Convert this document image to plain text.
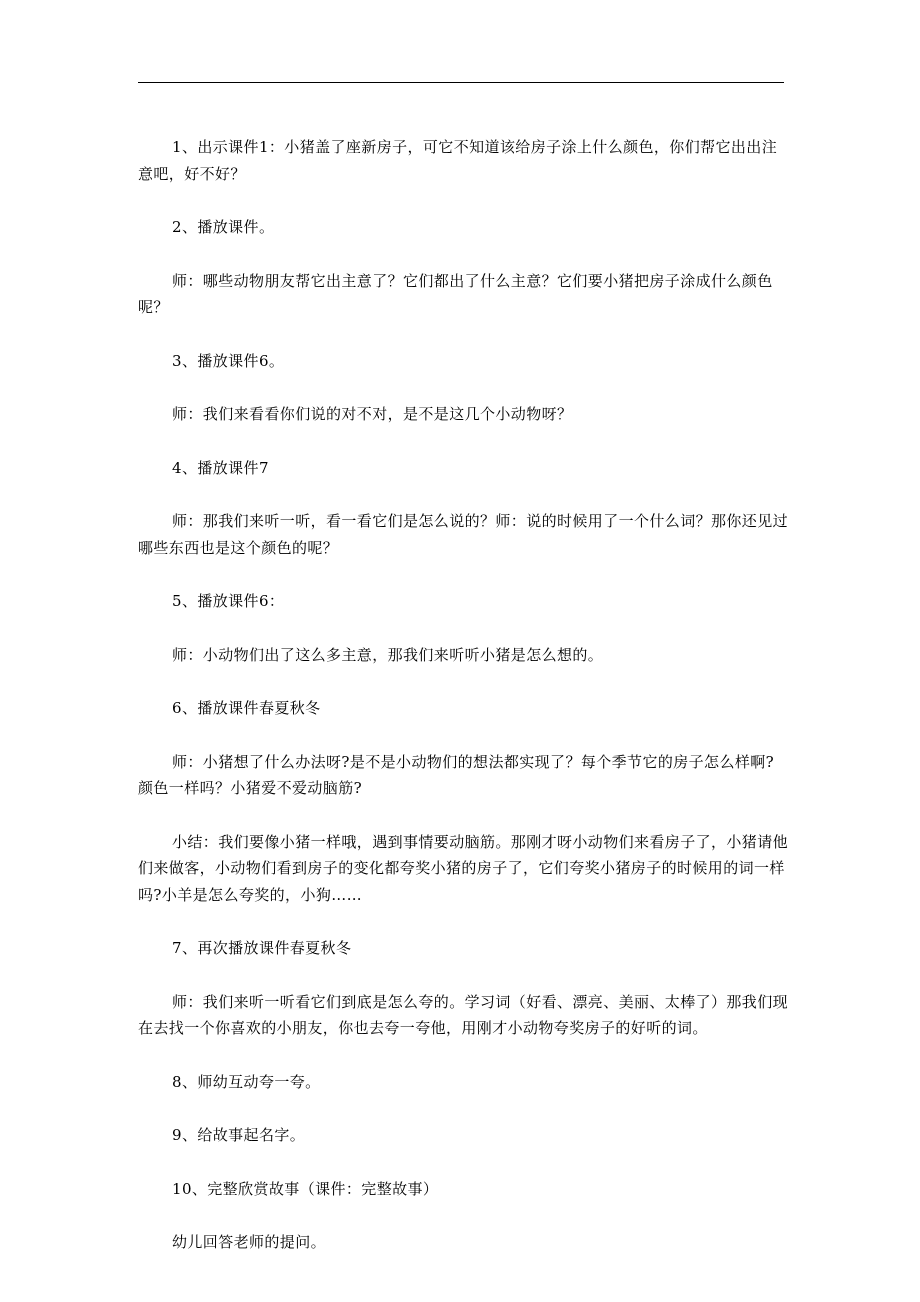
1、出示课件1：小猪盖了座新房子，可它不知道该给房子涂上什么颜色，你们帮它出出注意吧，好不好？

2、播放课件。

师：哪些动物朋友帮它出主意了？它们都出了什么主意？它们要小猪把房子涂成什么颜色呢？

3、播放课件6。

师：我们来看看你们说的对不对，是不是这几个小动物呀？

4、播放课件7

师：那我们来听一听，看一看它们是怎么说的？师：说的时候用了一个什么词？那你还见过哪些东西也是这个颜色的呢？

5、播放课件6：

师：小动物们出了这么多主意，那我们来听听小猪是怎么想的。

6、播放课件春夏秋冬

师：小猪想了什么办法呀?是不是小动物们的想法都实现了？每个季节它的房子怎么样啊?颜色一样吗？小猪爱不爱动脑筋?

小结：我们要像小猪一样哦，遇到事情要动脑筋。那刚才呀小动物们来看房子了，小猪请他们来做客，小动物们看到房子的变化都夸奖小猪的房子了，它们夸奖小猪房子的时候用的词一样吗?小羊是怎么夸奖的，小狗……

7、再次播放课件春夏秋冬

师：我们来听一听看它们到底是怎么夸的。学习词（好看、漂亮、美丽、太棒了）那我们现在去找一个你喜欢的小朋友，你也去夸一夸他，用刚才小动物夸奖房子的好听的词。

8、师幼互动夸一夸。

9、给故事起名字。

10、完整欣赏故事（课件：完整故事）

幼儿回答老师的提问。
